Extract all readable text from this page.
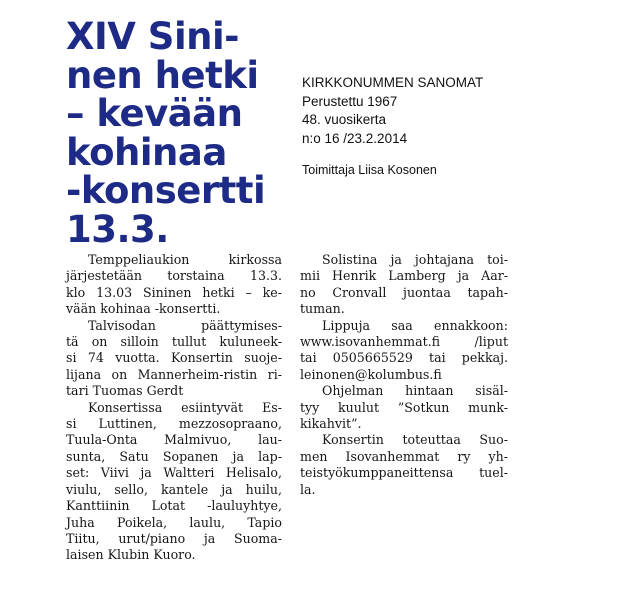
XIV Sini-
nen hetki
– kevään
kohinaa
-konsertti
13.3.
KIRKKONUMMEN SANOMAT
Perustettu 1967
48. vuosikerta
n:o 16 /23.2.2014
Toimittaja Liisa Kosonen
Temppeliaukion kirkossa
järjestetään torstaina 13.3.
klo 13.03 Sininen hetki – ke-
vään kohinaa -konsertti.
Talvisodan päättymises-
tä on silloin tullut kuluneek-
si 74 vuotta. Konsertin suoje-
lijana on Mannerheim-ristin ri-
tari Tuomas Gerdt
Konsertissa esiintyvät Es-
si Luttinen, mezzosopraano,
Tuula-Onta Malmivuo, lau-
sunta, Satu Sopanen ja lap-
set: Viivi ja Waltteri Helisalo,
viulu, sello, kantele ja huilu,
Kanttiinin Lotat -lauluyhtye,
Juha Poikela, laulu, Tapio
Tiitu, urut/piano ja Suoma-
laisen Klubin Kuoro.
Solistina ja johtajana toi-
mii Henrik Lamberg ja Aar-
no Cronvall juontaa tapah-
tuman.
Lippuja saa ennakkoon:
www.isovanhemmat.fi /liput
tai 0505665529 tai pekkaj.
leinonen@kolumbus.fi
Ohjelman hintaan sisäl-
tyy kuulut ”Sotkun munk-
kikahvit”.
Konsertin toteuttaa Suo-
men Isovanhemmat ry yh-
teistyökumppaneittensa tuel-
la.
